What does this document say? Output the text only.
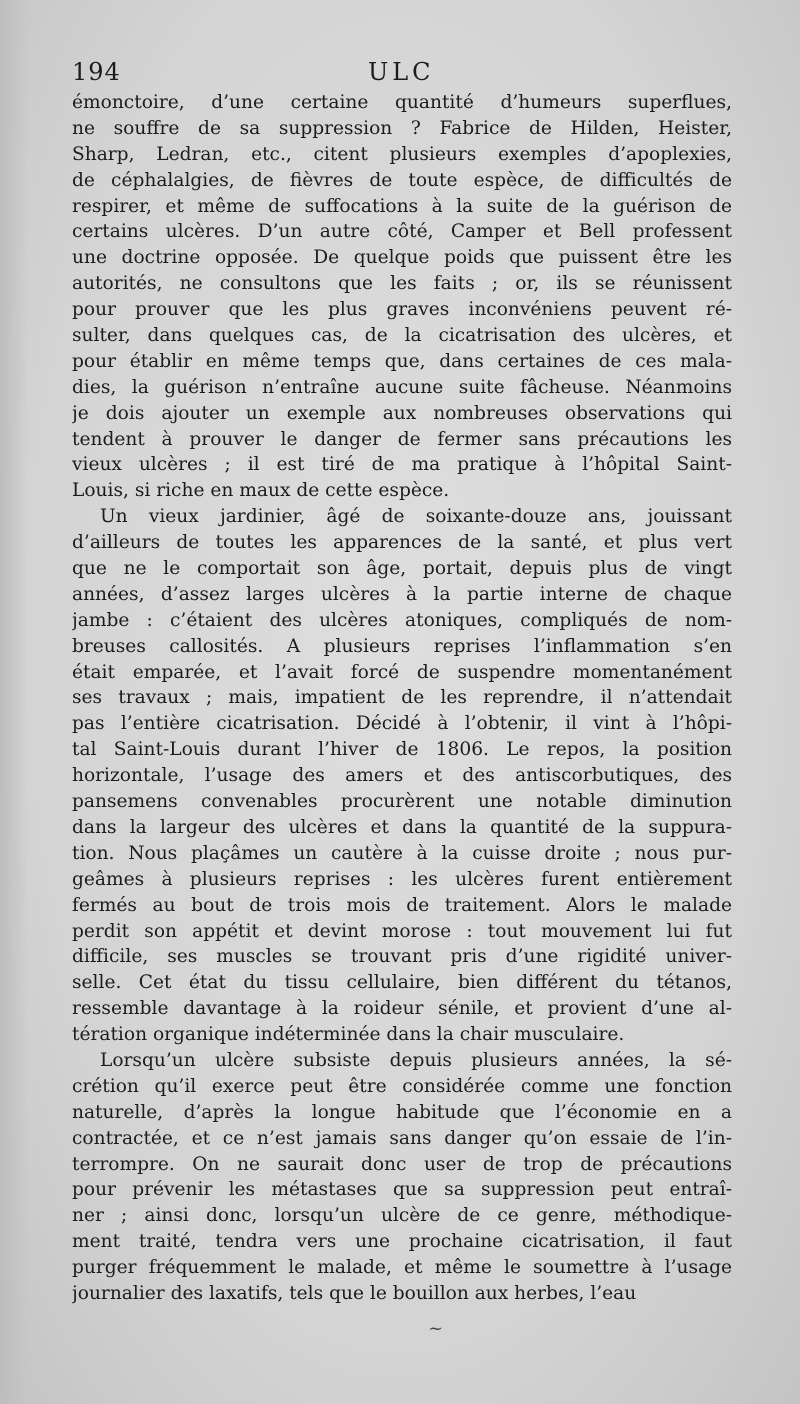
194	ULC
émonctoire, d’une certaine quantité d’humeurs superflues,
ne souffre de sa suppression ? Fabrice de Hilden, Heister,
Sharp, Ledran, etc., citent plusieurs exemples d’apoplexies,
de céphalalgies, de fièvres de toute espèce, de difficultés de
respirer, et même de suffocations à la suite de la guérison de
certains ulcères. D’un autre côté, Camper et Bell professent
une doctrine opposée. De quelque poids que puissent être les
autorités, ne consultons que les faits ; or, ils se réunissent
pour prouver que les plus graves inconvéniens peuvent ré-
sulter, dans quelques cas, de la cicatrisation des ulcères, et
pour établir en même temps que, dans certaines de ces mala-
dies, la guérison n’entraîne aucune suite fâcheuse. Néanmoins
je dois ajouter un exemple aux nombreuses observations qui
tendent à prouver le danger de fermer sans précautions les
vieux ulcères ; il est tiré de ma pratique à l’hôpital Saint-
Louis, si riche en maux de cette espèce.
Un vieux jardinier, âgé de soixante-douze ans, jouissant
d’ailleurs de toutes les apparences de la santé, et plus vert
que ne le comportait son âge, portait, depuis plus de vingt
années, d’assez larges ulcères à la partie interne de chaque
jambe : c’étaient des ulcères atoniques, compliqués de nom-
breuses callosités. A plusieurs reprises l’inflammation s’en
était emparée, et l’avait forcé de suspendre momentanément
ses travaux ; mais, impatient de les reprendre, il n’attendait
pas l’entière cicatrisation. Décidé à l’obtenir, il vint à l’hôpi-
tal Saint-Louis durant l’hiver de 1806. Le repos, la position
horizontale, l’usage des amers et des antiscorbutiques, des
pansemens convenables procurèrent une notable diminution
dans la largeur des ulcères et dans la quantité de la suppura-
tion. Nous plaçâmes un cautère à la cuisse droite ; nous pur-
geâmes à plusieurs reprises : les ulcères furent entièrement
fermés au bout de trois mois de traitement. Alors le malade
perdit son appétit et devint morose : tout mouvement lui fut
difficile, ses muscles se trouvant pris d’une rigidité univer-
selle. Cet état du tissu cellulaire, bien différent du tétanos,
ressemble davantage à la roideur sénile, et provient d’une al-
tération organique indéterminée dans la chair musculaire.
Lorsqu’un ulcère subsiste depuis plusieurs années, la sé-
crétion qu’il exerce peut être considérée comme une fonction
naturelle, d’après la longue habitude que l’économie en a
contractée, et ce n’est jamais sans danger qu’on essaie de l’in-
terrompre. On ne saurait donc user de trop de précautions
pour prévenir les métastases que sa suppression peut entraî-
ner ; ainsi donc, lorsqu’un ulcère de ce genre, méthodique-
ment traité, tendra vers une prochaine cicatrisation, il faut
purger fréquemment le malade, et même le soumettre à l’usage
journalier des laxatifs, tels que le bouillon aux herbes, l’eau
~
